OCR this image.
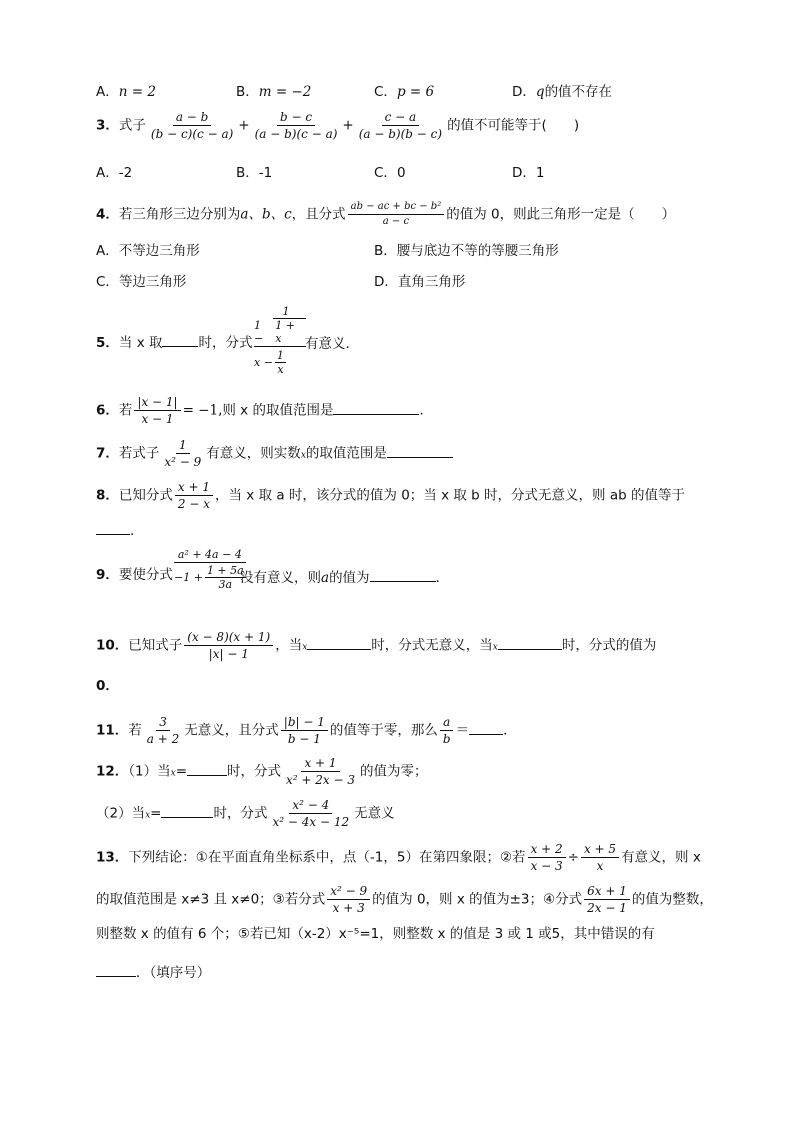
A．n = 2	B．m = −2	C．p = 6	D．q的值不存在
3．式子 $\frac{a - b}{(b - c)(c - a)} + \frac{b - c}{(a - b)(c - a)} + \frac{c - a}{(a - b)(b - c)}$ 的值不可能等于(　　)
A．-2	B．-1	C．0	D．1
4．若三角形三边分别为a、b、c，且分式 $\frac{\text{ab − ac + bc − b²}}{a - c}$ 的值为 0，则此三角形一定是（　　）
A．不等边三角形	B．腰与底边不等的等腰三角形
C．等边三角形	D．直角三角形
5．当 x 取	时，分式
1
1 −
1 + x
$x - \frac{1}{x}$
有意义．
6．若 $\frac{|x - 1|}{x - 1} = -1$,则 x 的取值范围是	．
7．若式子 $\frac{1}{\text{x² − 9}}$ 有意义，则实数x的取值范围是
8．已知分式 $\frac{x + 1}{2 - x}$ ，当 x 取 a 时，该分式的值为 0；当 x 取 b 时，分式无意义，则 ab 的值等于
．
9．要使分式
a² + 4a − 4
$-1 + \frac{1 + 5a}{3a}$
没有意义，则a的值为	．
10．已知式子 $\frac{(x - 8)(x + 1)}{|x| - 1}$ ，当x	时，分式无意义，当x	时，分式的值为
0．
11．若 $\frac{3}{a + 2}$ 无意义，且分式 $\frac{|b| - 1}{b - 1}$ 的值等于零，那么 $\frac{a}{b}$ ＝	．
12．（1）当x=	时，分式 $\frac{x + 1}{\text{x² + 2x − 3}}$ 的值为零；
（2）当x=	时，分式 $\frac{\text{x² − 4}}{\text{x² − 4x − 12}}$ 无意义
13．下列结论：①在平面直角坐标系中，点（-1，5）在第四象限；②若 $\frac{x + 2}{x - 3} \div \frac{x + 5}{x}$ 有意义，则 x
的取值范围是 x≠3 且 x≠0；③若分式 $\frac{\text{x² − 9}}{x + 3}$ 的值为 0，则 x 的值为±3；④分式 $\frac{6x + 1}{2x - 1}$ 的值为整数，
则整数 x 的值有 6 个；⑤若已知（x-2）x⁻⁵=1，则整数 x 的值是 3 或 1 或5，其中错误的有
．（填序号）
